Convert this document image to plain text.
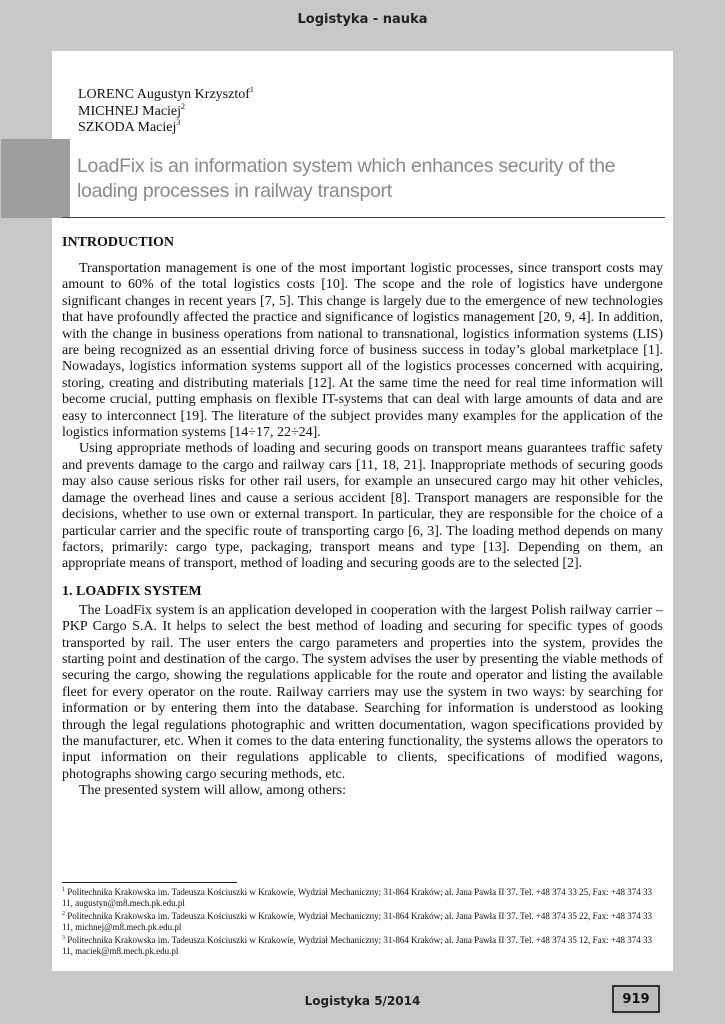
Logistyka - nauka
LORENC Augustyn Krzysztof$^1$
MICHNEJ Maciej$^2$
SZKODA Maciej$^3$
LoadFix is an information system which enhances security of the loading processes in railway transport
INTRODUCTION

Transportation management is one of the most important logistic processes, since transport costs may amount to 60% of the total logistics costs [10]. The scope and the role of logistics have undergone significant changes in recent years [7, 5]. This change is largely due to the emergence of new technologies that have profoundly affected the practice and significance of logistics management [20, 9, 4]. In addition, with the change in business operations from national to transnational, logistics information systems (LIS) are being recognized as an essential driving force of business success in today’s global marketplace [1]. Nowadays, logistics information systems support all of the logistics processes concerned with acquiring, storing, creating and distributing materials [12]. At the same time the need for real time information will become crucial, putting emphasis on flexible IT-systems that can deal with large amounts of data and are easy to interconnect [19]. The literature of the subject provides many examples for the application of the logistics information systems [14÷17, 22÷24].

Using appropriate methods of loading and securing goods on transport means guarantees traffic safety and prevents damage to the cargo and railway cars [11, 18, 21]. Inappropriate methods of securing goods may also cause serious risks for other rail users, for example an unsecured cargo may hit other vehicles, damage the overhead lines and cause a serious accident [8]. Transport managers are responsible for the decisions, whether to use own or external transport. In particular, they are responsible for the choice of a particular carrier and the specific route of transporting cargo [6, 3]. The loading method depends on many factors, primarily: cargo type, packaging, transport means and type [13]. Depending on them, an appropriate means of transport, method of loading and securing goods are to the selected [2].

1. LOADFIX SYSTEM

The LoadFix system is an application developed in cooperation with the largest Polish railway carrier – PKP Cargo S.A. It helps to select the best method of loading and securing for specific types of goods transported by rail. The user enters the cargo parameters and properties into the system, provides the starting point and destination of the cargo. The system advises the user by presenting the viable methods of securing the cargo, showing the regulations applicable for the route and operator and listing the available fleet for every operator on the route. Railway carriers may use the system in two ways: by searching for information or by entering them into the database. Searching for information is understood as looking through the legal regulations photographic and written documentation, wagon specifications provided by the manufacturer, etc. When it comes to the data entering functionality, the systems allows the operators to input information on their regulations applicable to clients, specifications of modified wagons, photographs showing cargo securing methods, etc.

The presented system will allow, among others:

$^1$ Politechnika Krakowska im. Tadeusza Kościuszki w Krakowie, Wydział Mechaniczny; 31-864 Kraków; al. Jana Pawła II 37. Tel. +48 374 33 25, Fax: +48 374 33 11, augustyn@m8.mech.pk.edu.pl

$^2$ Politechnika Krakowska im. Tadeusza Kościuszki w Krakowie, Wydział Mechaniczny; 31-864 Kraków; al. Jana Pawła II 37. Tel. +48 374 35 22, Fax: +48 374 33 11, michnej@m8.mech.pk.edu.pl

$^3$ Politechnika Krakowska im. Tadeusza Kościuszki w Krakowie, Wydział Mechaniczny; 31-864 Kraków; al. Jana Pawła II 37. Tel. +48 374 35 12, Fax: +48 374 33 11, maciek@m8.mech.pk.edu.pl

Logistyka 5/2014	919
